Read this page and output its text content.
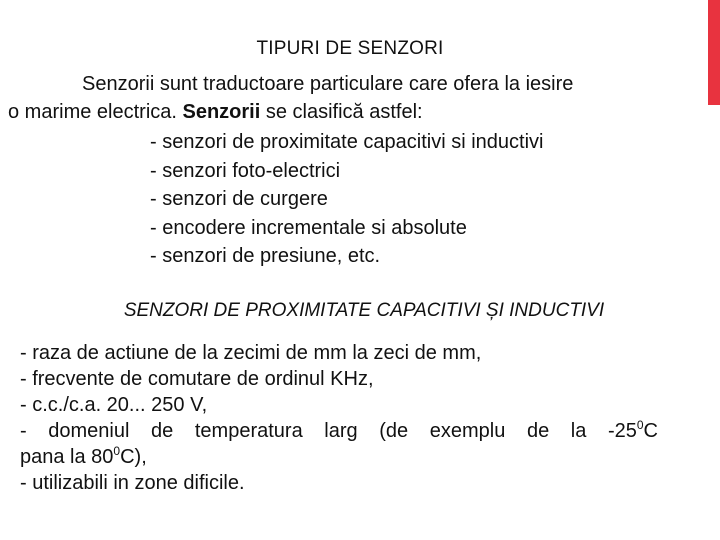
TIPURI DE SENZORI
Senzorii sunt traductoare particulare care ofera la iesire
o marime electrica. Senzorii se clasifică astfel:
- senzori de proximitate capacitivi si inductivi
- senzori foto-electrici
- senzori de curgere
- encodere incrementale si absolute
- senzori de presiune, etc.
SENZORI DE PROXIMITATE CAPACITIVI ȘI INDUCTIVI
- raza de actiune de la zecimi de mm la zeci de mm,
- frecvente de comutare de ordinul KHz,
- c.c./c.a. 20... 250 V,
- domeniul de temperatura larg (de exemplu de la $-25^0C$
pana la $80^0C$),
- utilizabili in zone dificile.
